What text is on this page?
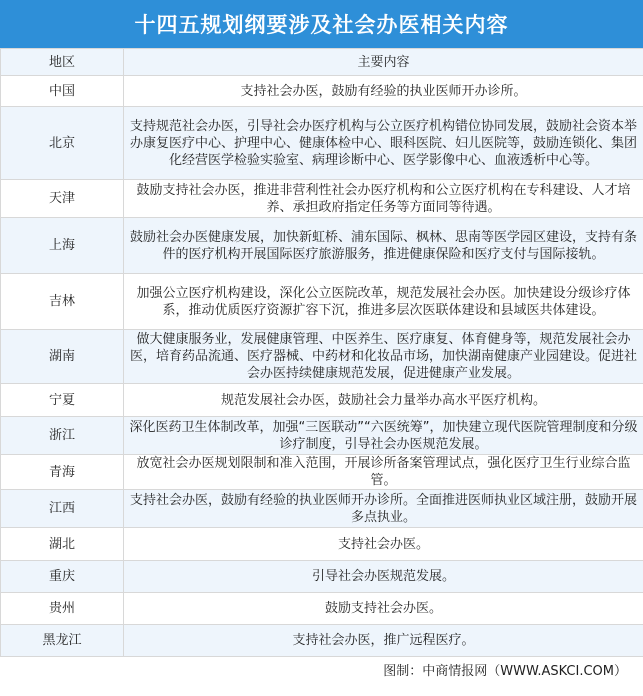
十四五规划纲要涉及社会办医相关内容
地区	主要内容
中国	支持社会办医，鼓励有经验的执业医师开办诊所。
北京	支持规范社会办医，引导社会办医疗机构与公立医疗机构错位协同发展，鼓励社会资本举办康复医疗中心、护理中心、健康体检中心、眼科医院、妇儿医院等，鼓励连锁化、集团化经营医学检验实验室、病理诊断中心、医学影像中心、血液透析中心等。
天津	鼓励支持社会办医，推进非营利性社会办医疗机构和公立医疗机构在专科建设、人才培养、承担政府指定任务等方面同等待遇。
上海	鼓励社会办医健康发展，加快新虹桥、浦东国际、枫林、思南等医学园区建设，支持有条件的医疗机构开展国际医疗旅游服务，推进健康保险和医疗支付与国际接轨。
吉林	加强公立医疗机构建设，深化公立医院改革，规范发展社会办医。加快建设分级诊疗体系，推动优质医疗资源扩容下沉，推进多层次医联体建设和县域医共体建设。
湖南	做大健康服务业，发展健康管理、中医养生、医疗康复、体育健身等，规范发展社会办医，培育药品流通、医疗器械、中药材和化妆品市场，加快湖南健康产业园建设。促进社会办医持续健康规范发展，促进健康产业发展。
宁夏	规范发展社会办医，鼓励社会力量举办高水平医疗机构。
浙江	深化医药卫生体制改革，加强“三医联动”“六医统筹”，加快建立现代医院管理制度和分级诊疗制度，引导社会办医规范发展。
青海	放宽社会办医规划限制和准入范围，开展诊所备案管理试点，强化医疗卫生行业综合监管。
江西	支持社会办医，鼓励有经验的执业医师开办诊所。全面推进医师执业区域注册，鼓励开展多点执业。
湖北	支持社会办医。
重庆	引导社会办医规范发展。
贵州	鼓励支持社会办医。
黑龙江	支持社会办医，推广远程医疗。
图制：中商情报网（WWW.ASKCI.COM）
